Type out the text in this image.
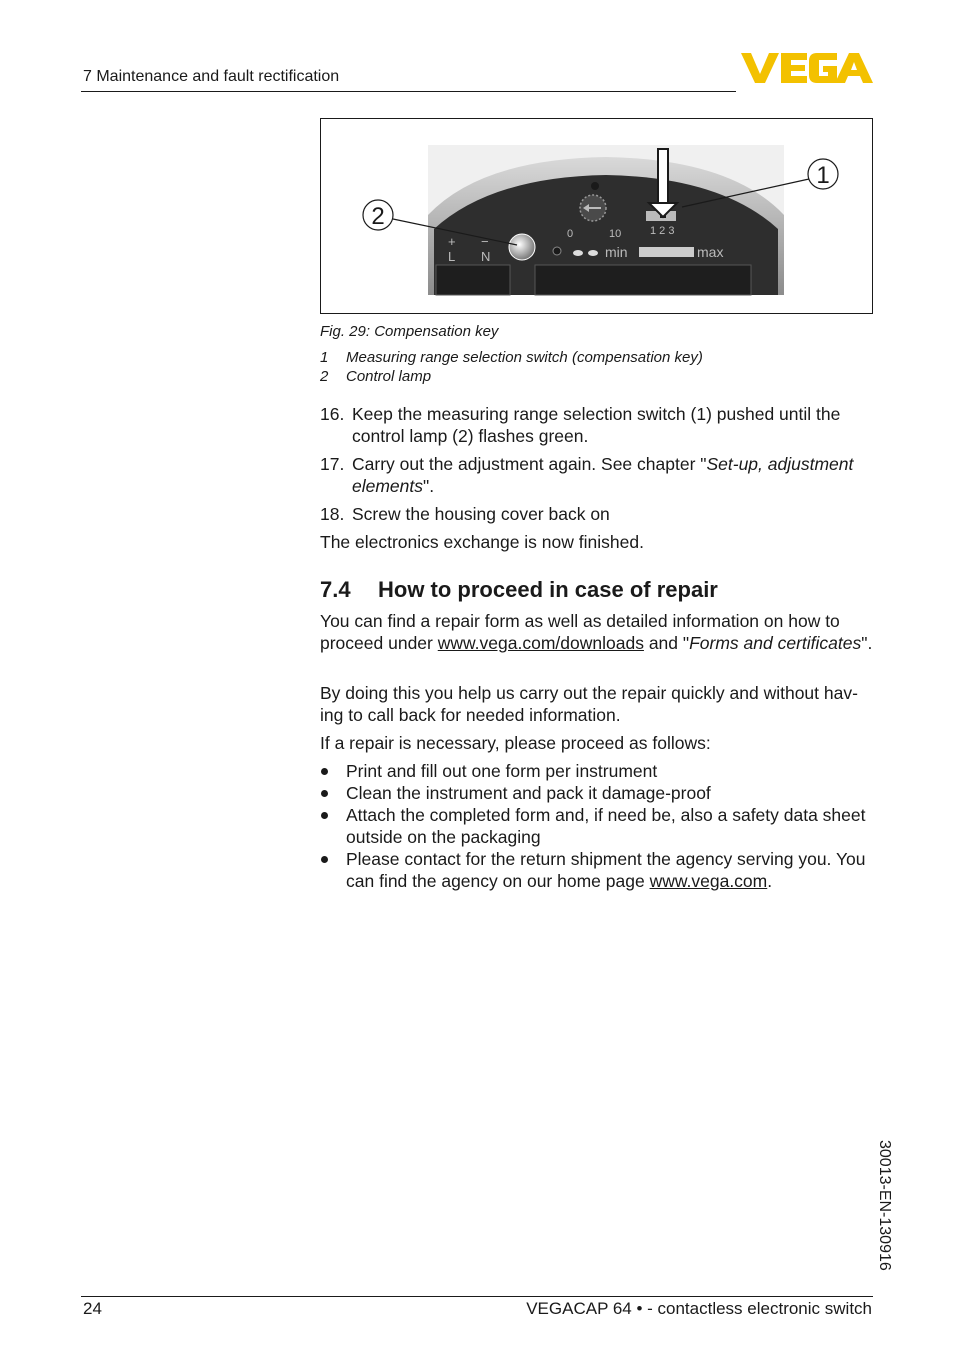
7 Maintenance and fault rectification
0	10	1 2 3
min	max
+ −
L N
1
2
Fig. 29: Compensation key
1 Measuring range selection switch (compensation key)
2 Control lamp
16. Keep the measuring range selection switch (1) pushed until the control lamp (2) flashes green.
17. Carry out the adjustment again. See chapter "Set-up, adjustment elements".
18. Screw the housing cover back on
The electronics exchange is now finished.
7.4 How to proceed in case of repair
You can find a repair form as well as detailed information on how to proceed under www.vega.com/downloads and "Forms and certificates".
By doing this you help us carry out the repair quickly and without having to call back for needed information.
If a repair is necessary, please proceed as follows:
Print and fill out one form per instrument
Clean the instrument and pack it damage-proof
Attach the completed form and, if need be, also a safety data sheet outside on the packaging
Please contact for the return shipment the agency serving you. You can find the agency on our home page www.vega.com.
30013-EN-130916
24	VEGACAP 64 • - contactless electronic switch
